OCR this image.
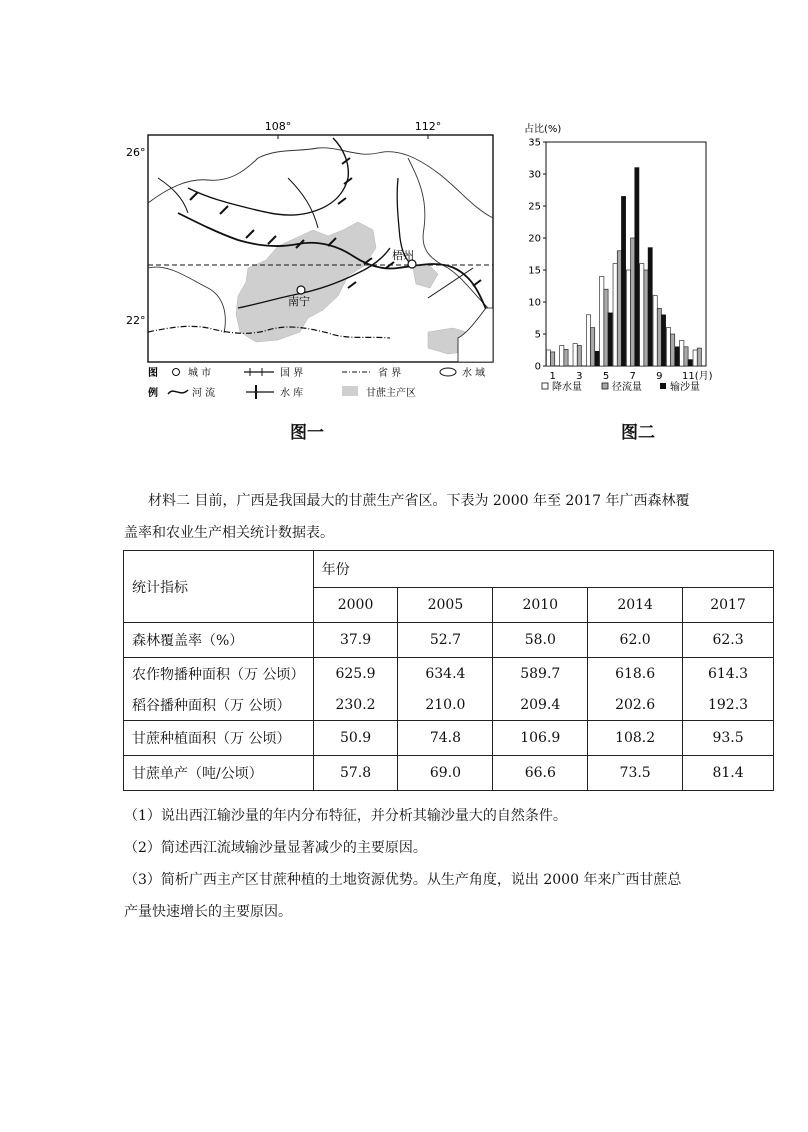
108°	112°
26°
22°
梧州
南宁
图
例
城 市	国 界	省 界	水 域
河 流	水 库	甘蔗主产区
图一
占比(%)
0
5
10
15
20
25
30
35
1 3 5 7 9 11(月)
降水量	径流量	输沙量
图二
材料二 目前，广西是我国最大的甘蔗生产省区。下表为 2000 年至 2017 年广西森林覆
盖率和农业生产相关统计数据表。
统计指标	年份				
	2000	2005	2010	2014	2017
森林覆盖率（%）	37.9	52.7	58.0	62.0	62.3
农作物播种面积（万 公顷）	625.9	634.4	589.7	618.6	614.3
稻谷播种面积（万 公顷）	230.2	210.0	209.4	202.6	192.3
甘蔗种植面积（万 公顷）	50.9	74.8	106.9	108.2	93.5
甘蔗单产（吨/公顷）	57.8	69.0	66.6	73.5	81.4
（1）说出西江输沙量的年内分布特征，并分析其输沙量大的自然条件。
（2）简述西江流域输沙量显著减少的主要原因。
（3）简析广西主产区甘蔗种植的土地资源优势。从生产角度，说出 2000 年来广西甘蔗总
产量快速增长的主要原因。
